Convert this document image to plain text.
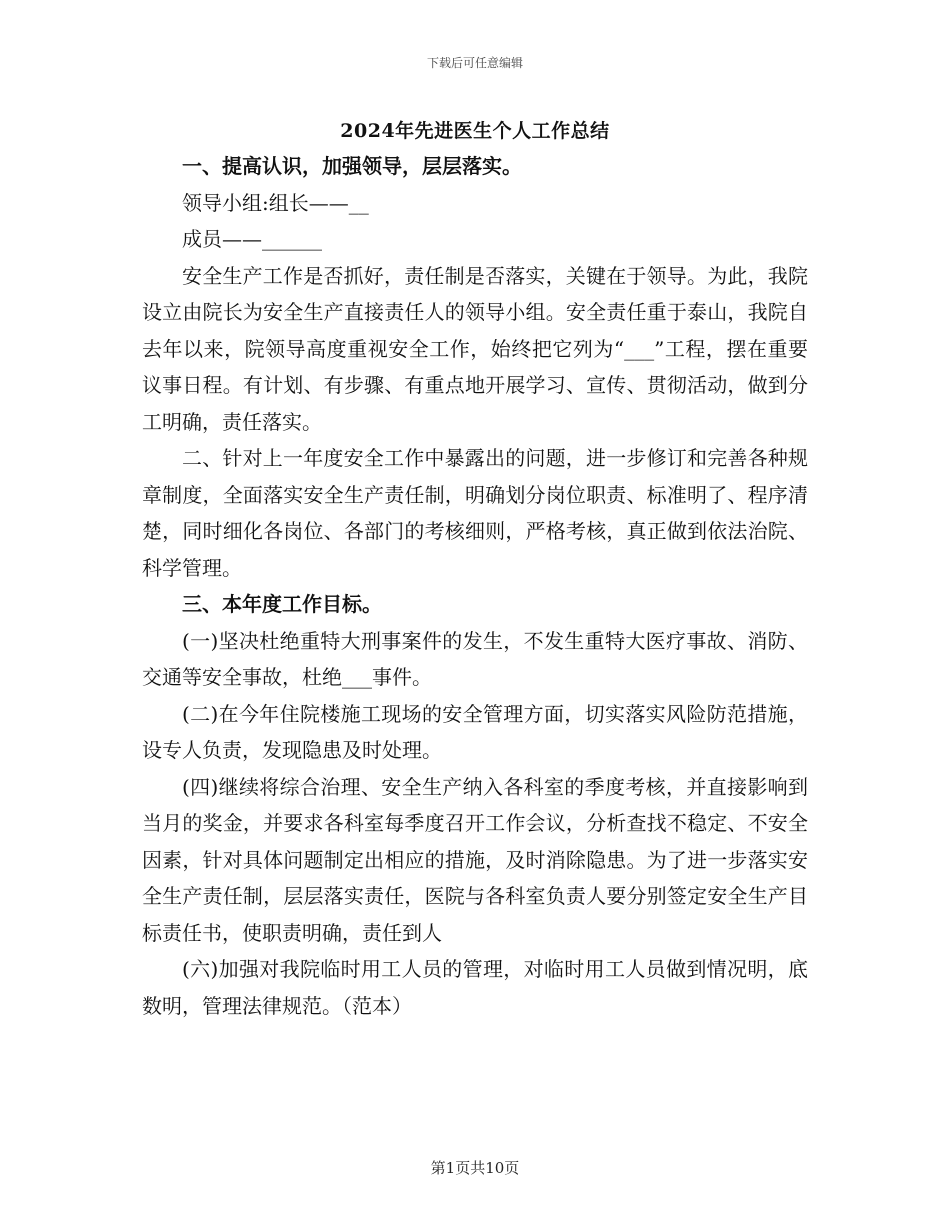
下载后可任意编辑
2024年先进医生个人工作总结

一、提高认识，加强领导，层层落实。

领导小组:组长——__

成员——______

安全生产工作是否抓好，责任制是否落实，关键在于领导。为此，我院设立由院长为安全生产直接责任人的领导小组。安全责任重于泰山，我院自去年以来，院领导高度重视安全工作，始终把它列为“___”工程，摆在重要议事日程。有计划、有步骤、有重点地开展学习、宣传、贯彻活动，做到分工明确，责任落实。

二、针对上一年度安全工作中暴露出的问题，进一步修订和完善各种规章制度，全面落实安全生产责任制，明确划分岗位职责、标准明了、程序清楚，同时细化各岗位、各部门的考核细则，严格考核，真正做到依法治院、科学管理。

三、本年度工作目标。

(一)坚决杜绝重特大刑事案件的发生，不发生重特大医疗事故、消防、交通等安全事故，杜绝___事件。

(二)在今年住院楼施工现场的安全管理方面，切实落实风险防范措施，设专人负责，发现隐患及时处理。

(四)继续将综合治理、安全生产纳入各科室的季度考核，并直接影响到当月的奖金，并要求各科室每季度召开工作会议，分析查找不稳定、不安全因素，针对具体问题制定出相应的措施，及时消除隐患。为了进一步落实安全生产责任制，层层落实责任，医院与各科室负责人要分别签定安全生产目标责任书，使职责明确，责任到人

(六)加强对我院临时用工人员的管理，对临时用工人员做到情况明，底数明，管理法律规范。（范本）

第1页共10页
